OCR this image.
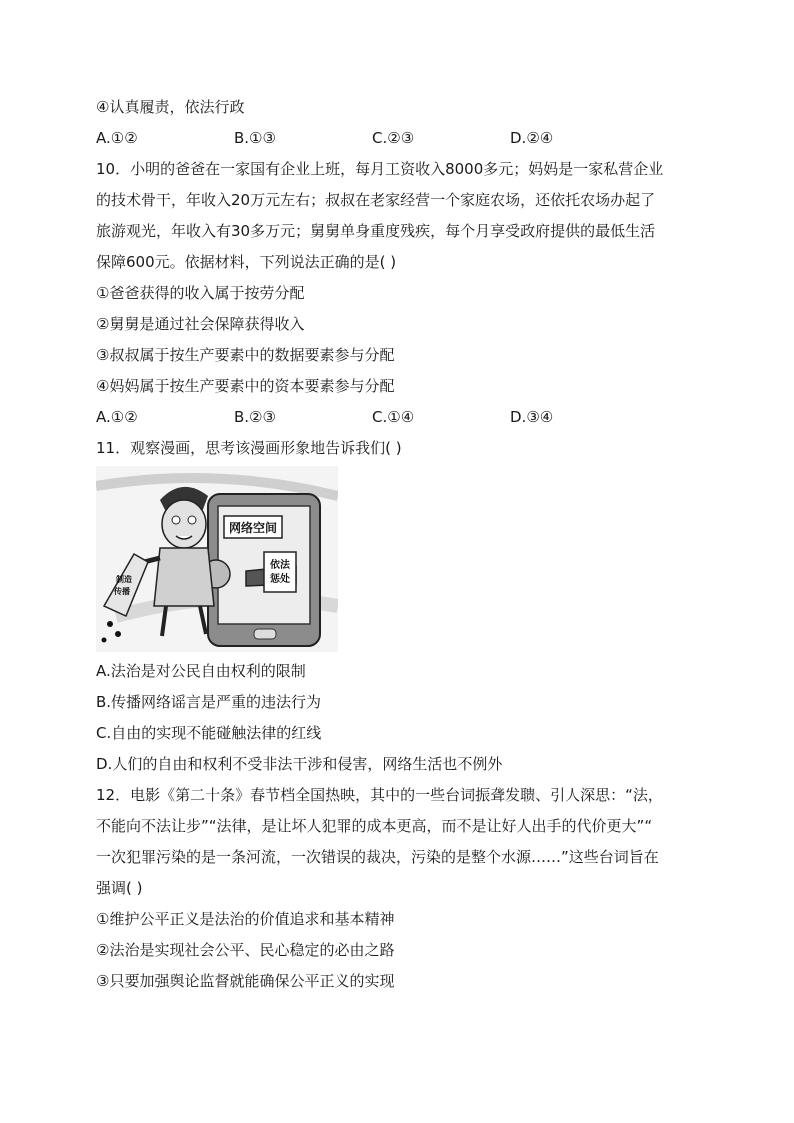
④认真履责，依法行政
A.①②	B.①③	C.②③	D.②④
10．小明的爸爸在一家国有企业上班，每月工资收入8000多元；妈妈是一家私营企业
的技术骨干，年收入20万元左右；叔叔在老家经营一个家庭农场，还依托农场办起了
旅游观光，年收入有30多万元；舅舅单身重度残疾，每个月享受政府提供的最低生活
保障600元。依据材料，下列说法正确的是( )
①爸爸获得的收入属于按劳分配
②舅舅是通过社会保障获得收入
③叔叔属于按生产要素中的数据要素参与分配
④妈妈属于按生产要素中的资本要素参与分配
A.①②	B.②③	C.①④	D.③④
11．观察漫画，思考该漫画形象地告诉我们( )
网络空间
依法
惩处
制造
传播
A.法治是对公民自由权利的限制
B.传播网络谣言是严重的违法行为
C.自由的实现不能碰触法律的红线
D.人们的自由和权利不受非法干涉和侵害，网络生活也不例外
12．电影《第二十条》春节档全国热映，其中的一些台词振聋发聩、引人深思：“法，
不能向不法让步”“法律，是让坏人犯罪的成本更高，而不是让好人出手的代价更大”“
一次犯罪污染的是一条河流，一次错误的裁决，污染的是整个水源……”这些台词旨在
强调( )
①维护公平正义是法治的价值追求和基本精神
②法治是实现社会公平、民心稳定的必由之路
③只要加强舆论监督就能确保公平正义的实现
